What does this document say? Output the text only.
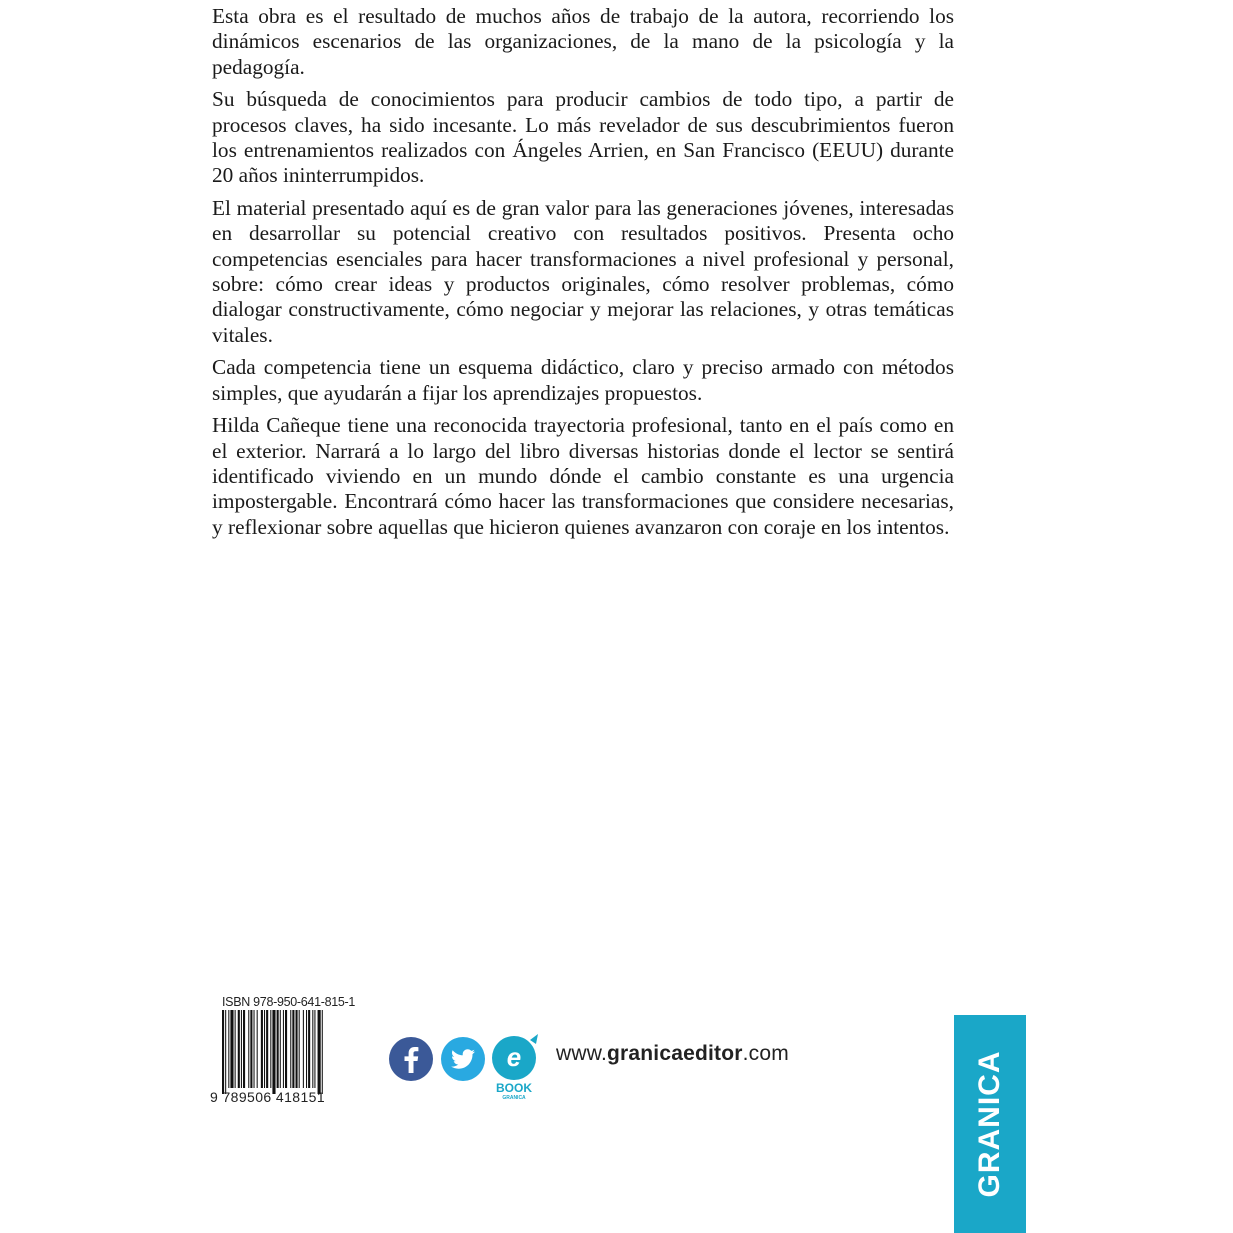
Esta obra es el resultado de muchos años de trabajo de la autora, recorriendo los dinámicos escenarios de las organizaciones, de la mano de la psicología y la pedagogía.

Su búsqueda de conocimientos para producir cambios de todo tipo, a partir de procesos claves, ha sido incesante. Lo más revelador de sus descubrimientos fueron los entrenamientos realizados con Ángeles Arrien, en San Francisco (EEUU) durante 20 años ininterrumpidos.

El material presentado aquí es de gran valor para las generaciones jóvenes, interesadas en desarrollar su potencial creativo con resultados positivos. Presenta ocho competencias esenciales para hacer transformaciones a nivel profesional y personal, sobre: cómo crear ideas y productos originales, cómo resolver problemas, cómo dialogar constructivamente, cómo negociar y mejorar las relaciones, y otras temáticas vitales.

Cada competencia tiene un esquema didáctico, claro y preciso armado con métodos simples, que ayudarán a fijar los aprendizajes propuestos.

Hilda Cañeque tiene una reconocida trayectoria profesional, tanto en el país como en el exterior. Narrará a lo largo del libro diversas historias donde el lector se sentirá identificado viviendo en un mundo dónde el cambio constante es una urgencia impostergable. Encontrará cómo hacer las transformaciones que considere necesarias, y reflexionar sobre aquellas que hicieron quienes avanzaron con coraje en los intentos.

ISBN 978-950-641-815-1
9 789506 418151
e
BOOK
GRANICA
www.granicaeditor.com	GRANICA
